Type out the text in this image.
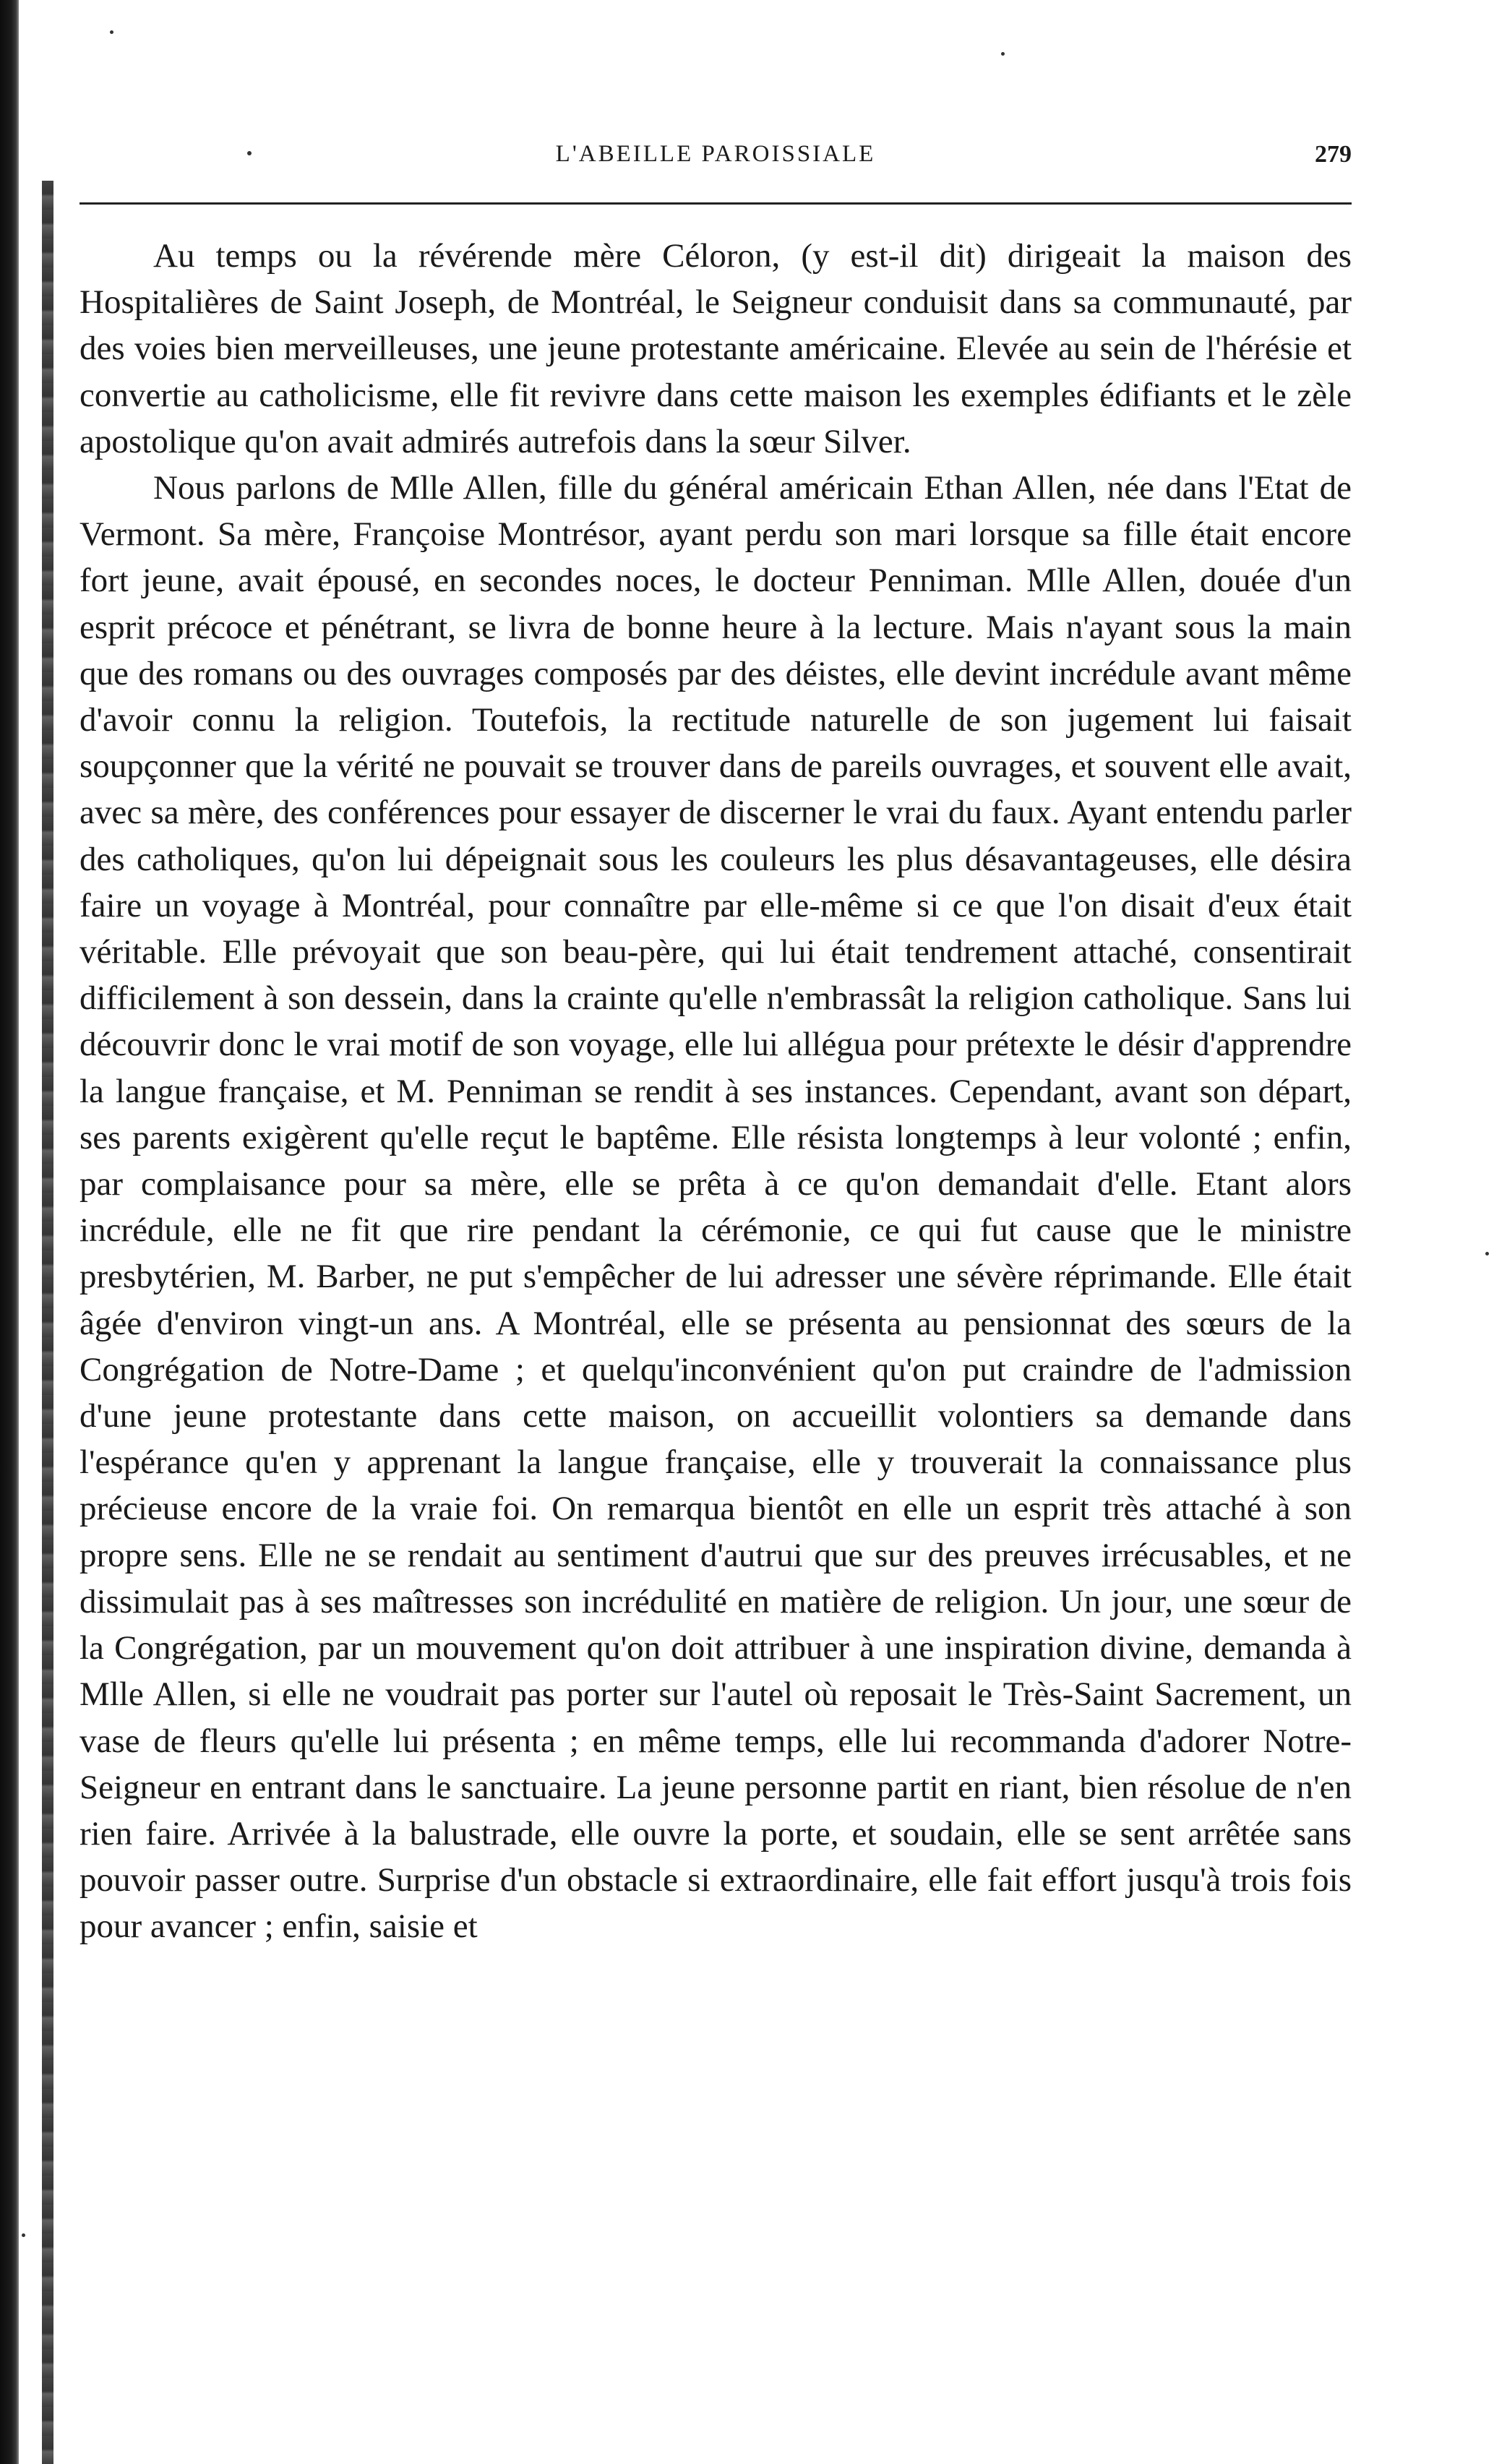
L'ABEILLE PAROISSIALE	279

Au temps ou la révérende mère Céloron, (y est-il dit) dirigeait la maison des Hospitalières de Saint Joseph, de Montréal, le Seigneur conduisit dans sa communauté, par des voies bien merveilleuses, une jeune protestante américaine. Elevée au sein de l'hérésie et convertie au catholicisme, elle fit revivre dans cette maison les exemples édifiants et le zèle apostolique qu'on avait admirés autrefois dans la sœur Silver.

Nous parlons de Mlle Allen, fille du général américain Ethan Allen, née dans l'Etat de Vermont. Sa mère, Françoise Montrésor, ayant perdu son mari lorsque sa fille était encore fort jeune, avait épousé, en secondes noces, le docteur Penniman. Mlle Allen, douée d'un esprit précoce et pénétrant, se livra de bonne heure à la lecture. Mais n'ayant sous la main que des romans ou des ouvrages composés par des déistes, elle devint incrédule avant même d'avoir connu la religion. Toutefois, la rectitude naturelle de son jugement lui faisait soupçonner que la vérité ne pouvait se trouver dans de pareils ouvrages, et souvent elle avait, avec sa mère, des conférences pour essayer de discerner le vrai du faux. Ayant entendu parler des catholiques, qu'on lui dépeignait sous les couleurs les plus désavantageuses, elle désira faire un voyage à Montréal, pour connaître par elle-même si ce que l'on disait d'eux était véritable. Elle prévoyait que son beau-père, qui lui était tendrement attaché, consentirait difficilement à son dessein, dans la crainte qu'elle n'embrassât la religion catholique. Sans lui découvrir donc le vrai motif de son voyage, elle lui allégua pour prétexte le désir d'apprendre la langue française, et M. Penniman se rendit à ses instances. Cependant, avant son départ, ses parents exigèrent qu'elle reçut le baptême. Elle résista longtemps à leur volonté ; enfin, par complaisance pour sa mère, elle se prêta à ce qu'on demandait d'elle. Etant alors incrédule, elle ne fit que rire pendant la cérémonie, ce qui fut cause que le ministre presbytérien, M. Barber, ne put s'empêcher de lui adresser une sévère réprimande. Elle était âgée d'environ vingt-un ans. A Montréal, elle se présenta au pensionnat des sœurs de la Congrégation de Notre-Dame ; et quelqu'inconvénient qu'on put craindre de l'admission d'une jeune protestante dans cette maison, on accueillit volontiers sa demande dans l'espérance qu'en y apprenant la langue française, elle y trouverait la connaissance plus précieuse encore de la vraie foi. On remarqua bientôt en elle un esprit très attaché à son propre sens. Elle ne se rendait au sentiment d'autrui que sur des preuves irrécusables, et ne dissimulait pas à ses maîtresses son incrédulité en matière de religion. Un jour, une sœur de la Congrégation, par un mouvement qu'on doit attribuer à une inspiration divine, demanda à Mlle Allen, si elle ne voudrait pas porter sur l'autel où reposait le Très-Saint Sacrement, un vase de fleurs qu'elle lui présenta ; en même temps, elle lui recommanda d'adorer Notre-Seigneur en entrant dans le sanctuaire. La jeune personne partit en riant, bien résolue de n'en rien faire. Arrivée à la balustrade, elle ouvre la porte, et soudain, elle se sent arrêtée sans pouvoir passer outre. Surprise d'un obstacle si extraordinaire, elle fait effort jusqu'à trois fois pour avancer ; enfin, saisie et
